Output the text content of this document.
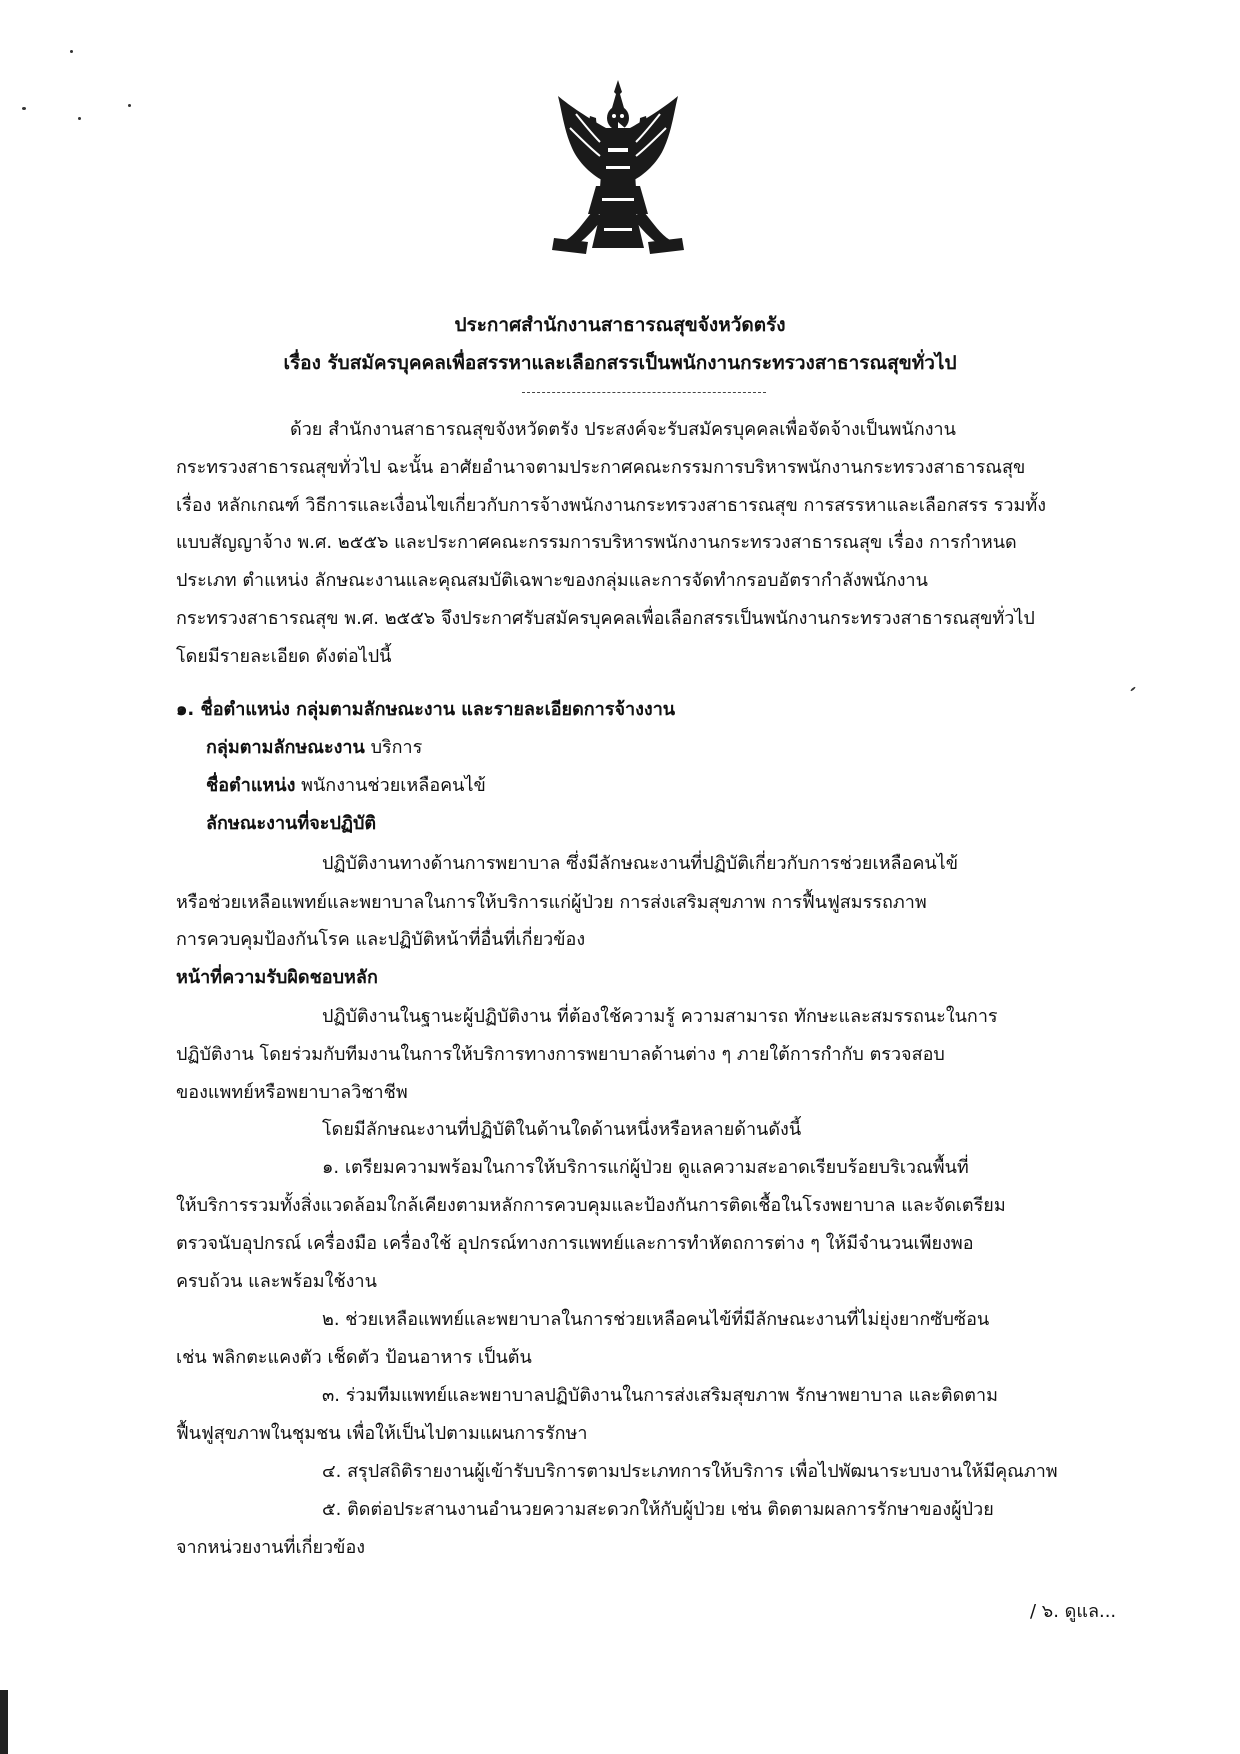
ประกาศสำนักงานสาธารณสุขจังหวัดตรัง
เรื่อง รับสมัครบุคคลเพื่อสรรหาและเลือกสรรเป็นพนักงานกระทรวงสาธารณสุขทั่วไป
ด้วย สำนักงานสาธารณสุขจังหวัดตรัง ประสงค์จะรับสมัครบุคคลเพื่อจัดจ้างเป็นพนักงาน
กระทรวงสาธารณสุขทั่วไป ฉะนั้น อาศัยอำนาจตามประกาศคณะกรรมการบริหารพนักงานกระทรวงสาธารณสุข
เรื่อง หลักเกณฑ์ วิธีการและเงื่อนไขเกี่ยวกับการจ้างพนักงานกระทรวงสาธารณสุข การสรรหาและเลือกสรร รวมทั้ง
แบบสัญญาจ้าง พ.ศ. ๒๕๕๖ และประกาศคณะกรรมการบริหารพนักงานกระทรวงสาธารณสุข เรื่อง การกำหนด
ประเภท ตำแหน่ง ลักษณะงานและคุณสมบัติเฉพาะของกลุ่มและการจัดทำกรอบอัตรากำลังพนักงาน
กระทรวงสาธารณสุข พ.ศ. ๒๕๕๖ จึงประกาศรับสมัครบุคคลเพื่อเลือกสรรเป็นพนักงานกระทรวงสาธารณสุขทั่วไป
โดยมีรายละเอียด ดังต่อไปนี้
๑. ชื่อตำแหน่ง กลุ่มตามลักษณะงาน และรายละเอียดการจ้างงาน
กลุ่มตามลักษณะงาน บริการ
ชื่อตำแหน่ง พนักงานช่วยเหลือคนไข้
ลักษณะงานที่จะปฏิบัติ
ปฏิบัติงานทางด้านการพยาบาล ซึ่งมีลักษณะงานที่ปฏิบัติเกี่ยวกับการช่วยเหลือคนไข้
หรือช่วยเหลือแพทย์และพยาบาลในการให้บริการแก่ผู้ป่วย การส่งเสริมสุขภาพ การฟื้นฟูสมรรถภาพ
การควบคุมป้องกันโรค และปฏิบัติหน้าที่อื่นที่เกี่ยวข้อง
หน้าที่ความรับผิดชอบหลัก
ปฏิบัติงานในฐานะผู้ปฏิบัติงาน ที่ต้องใช้ความรู้ ความสามารถ ทักษะและสมรรถนะในการ
ปฏิบัติงาน โดยร่วมกับทีมงานในการให้บริการทางการพยาบาลด้านต่าง ๆ ภายใต้การกำกับ ตรวจสอบ
ของแพทย์หรือพยาบาลวิชาชีพ
โดยมีลักษณะงานที่ปฏิบัติในด้านใดด้านหนึ่งหรือหลายด้านดังนี้
๑. เตรียมความพร้อมในการให้บริการแก่ผู้ป่วย ดูแลความสะอาดเรียบร้อยบริเวณพื้นที่
ให้บริการรวมทั้งสิ่งแวดล้อมใกล้เคียงตามหลักการควบคุมและป้องกันการติดเชื้อในโรงพยาบาล และจัดเตรียม
ตรวจนับอุปกรณ์ เครื่องมือ เครื่องใช้ อุปกรณ์ทางการแพทย์และการทำหัตถการต่าง ๆ ให้มีจำนวนเพียงพอ
ครบถ้วน และพร้อมใช้งาน
๒. ช่วยเหลือแพทย์และพยาบาลในการช่วยเหลือคนไข้ที่มีลักษณะงานที่ไม่ยุ่งยากซับซ้อน
เช่น พลิกตะแคงตัว เช็ดตัว ป้อนอาหาร เป็นต้น
๓. ร่วมทีมแพทย์และพยาบาลปฏิบัติงานในการส่งเสริมสุขภาพ รักษาพยาบาล และติดตาม
ฟื้นฟูสุขภาพในชุมชน เพื่อให้เป็นไปตามแผนการรักษา
๔. สรุปสถิติรายงานผู้เข้ารับบริการตามประเภทการให้บริการ เพื่อไปพัฒนาระบบงานให้มีคุณภาพ
๕. ติดต่อประสานงานอำนวยความสะดวกให้กับผู้ป่วย เช่น ติดตามผลการรักษาของผู้ป่วย
จากหน่วยงานที่เกี่ยวข้อง
/ ๖. ดูแล...
